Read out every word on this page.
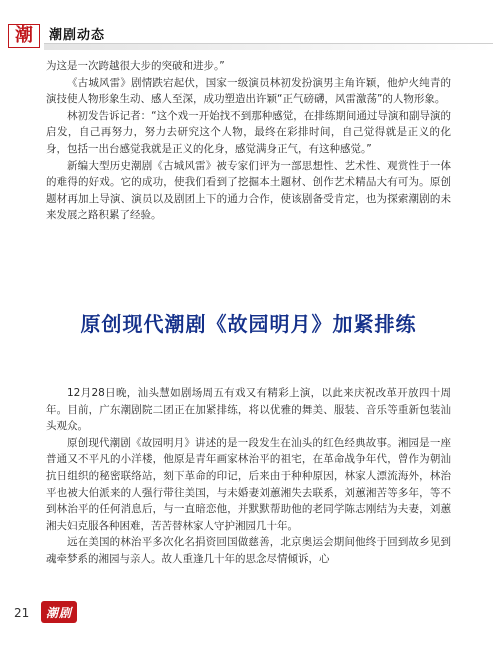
潮 潮剧动态

为这是一次跨越很大步的突破和进步。”

《古城风雷》剧情跌宕起伏，国家一级演员林初发扮演男主角许颖，他炉火纯青的演技使人物形象生动、感人至深，成功塑造出许颖“正气磅礴，风雷激荡”的人物形象。

林初发告诉记者：“这个戏一开始找不到那种感觉，在排练期间通过导演和副导演的启发，自己再努力，努力去研究这个人物，最终在彩排时间，自己觉得就是正义的化身，包括一出台感觉我就是正义的化身，感觉满身正气，有这种感觉。”

新编大型历史潮剧《古城风雷》被专家们评为一部思想性、艺术性、观赏性于一体的难得的好戏。它的成功，使我们看到了挖掘本土题材、创作艺术精品大有可为。原创题材再加上导演、演员以及剧团上下的通力合作，使该剧备受肯定，也为探索潮剧的未来发展之路积累了经验。

原创现代潮剧《故园明月》加紧排练

12月28日晚，汕头慧如剧场周五有戏又有精彩上演，以此来庆祝改革开放四十周年。目前，广东潮剧院二团正在加紧排练，将以优雅的舞美、服装、音乐等重新包装汕头观众。

原创现代潮剧《故园明月》讲述的是一段发生在汕头的红色经典故事。湘园是一座普通又不平凡的小洋楼，他原是青年画家林治平的祖宅，在革命战争年代，曾作为朝汕抗日组织的秘密联络站，刻下革命的印记，后来由于种种原因，林家人漂流海外，林治平也被大伯派来的人强行带往美国，与未婚妻刘蕙湘失去联系，刘蕙湘苦等多年，等不到林治平的任何消息后，与一直暗恋他，并默默帮助他的老同学陈志刚结为夫妻，刘蕙湘夫妇克服各种困难，苦苦替林家人守护湘园几十年。

远在美国的林治平多次化名捐资回国做慈善，北京奥运会期间他终于回到故乡见到魂牵梦系的湘园与亲人。故人重逢几十年的思念尽情倾诉，心

21 潮剧
